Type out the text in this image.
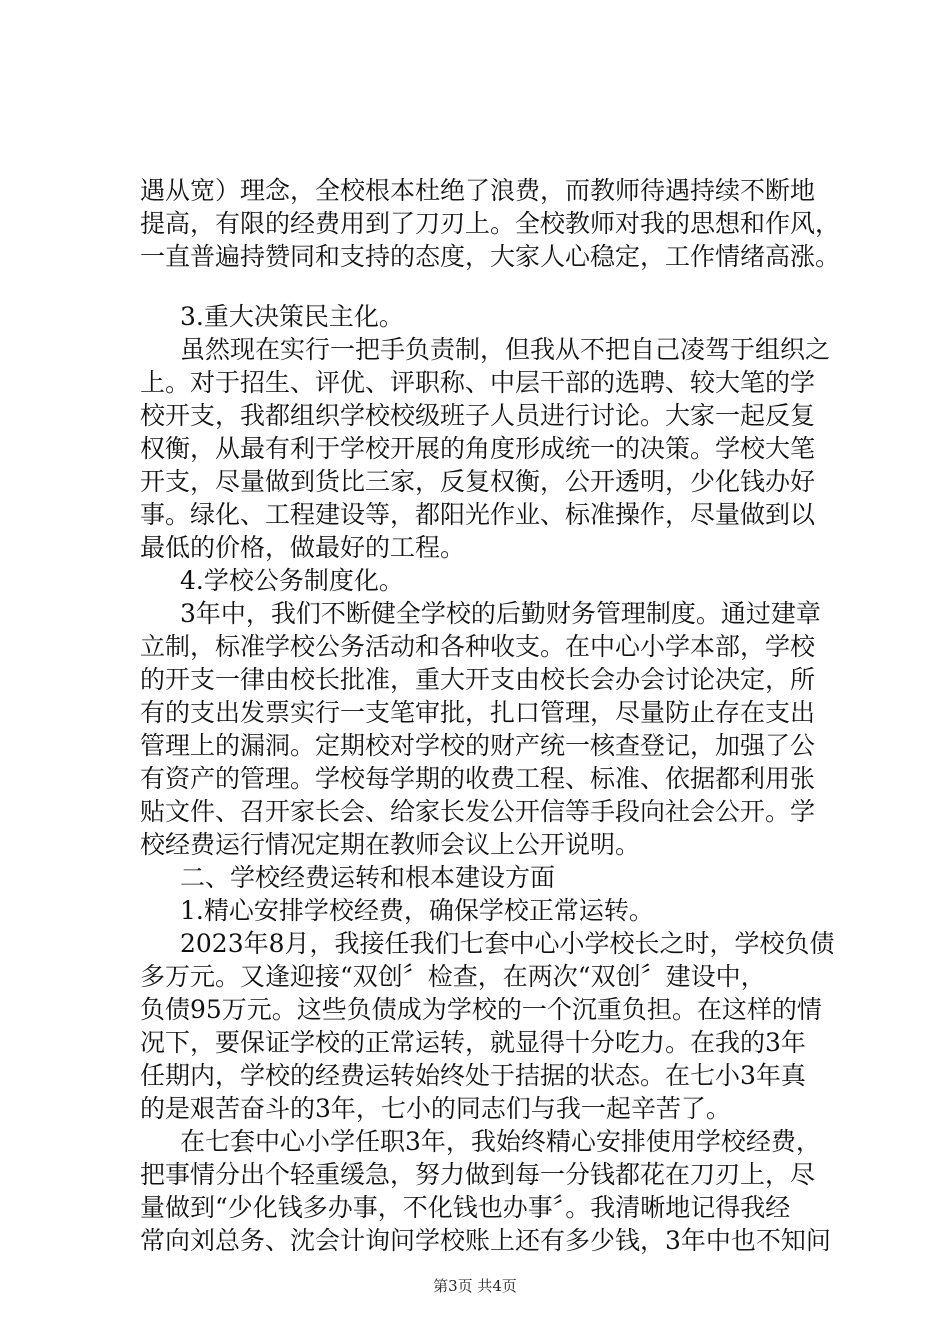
遇从宽）理念，全校根本杜绝了浪费，而教师待遇持续不断地
提高，有限的经费用到了刀刃上。全校教师对我的思想和作风，
一直普遍持赞同和支持的态度，大家人心稳定，工作情绪高涨。
3.重大决策民主化。
虽然现在实行一把手负责制，但我从不把自己凌驾于组织之
上。对于招生、评优、评职称、中层干部的选聘、较大笔的学
校开支，我都组织学校校级班子人员进行讨论。大家一起反复
权衡，从最有利于学校开展的角度形成统一的决策。学校大笔
开支，尽量做到货比三家，反复权衡，公开透明，少化钱办好
事。绿化、工程建设等，都阳光作业、标准操作，尽量做到以
最低的价格，做最好的工程。
4.学校公务制度化。
3年中，我们不断健全学校的后勤财务管理制度。通过建章
立制，标准学校公务活动和各种收支。在中心小学本部，学校
的开支一律由校长批准，重大开支由校长会办会讨论决定，所
有的支出发票实行一支笔审批，扎口管理，尽量防止存在支出
管理上的漏洞。定期校对学校的财产统一核查登记，加强了公
有资产的管理。学校每学期的收费工程、标准、依据都利用张
贴文件、召开家长会、给家长发公开信等手段向社会公开。学
校经费运行情况定期在教师会议上公开说明。
二、学校经费运转和根本建设方面
1.精心安排学校经费，确保学校正常运转。
2023年8月，我接任我们七套中心小学校长之时，学校负债
多万元。又逢迎接“双创〞检查，在两次“双创〞建设中，
负债95万元。这些负债成为学校的一个沉重负担。在这样的情
况下，要保证学校的正常运转，就显得十分吃力。在我的3年
任期内，学校的经费运转始终处于拮据的状态。在七小3年真
的是艰苦奋斗的3年，七小的同志们与我一起辛苦了。
在七套中心小学任职3年，我始终精心安排使用学校经费，
把事情分出个轻重缓急，努力做到每一分钱都花在刀刃上，尽
量做到“少化钱多办事，不化钱也办事〞。我清晰地记得我经
常向刘总务、沈会计询问学校账上还有多少钱，3年中也不知问
第3页 共4页
